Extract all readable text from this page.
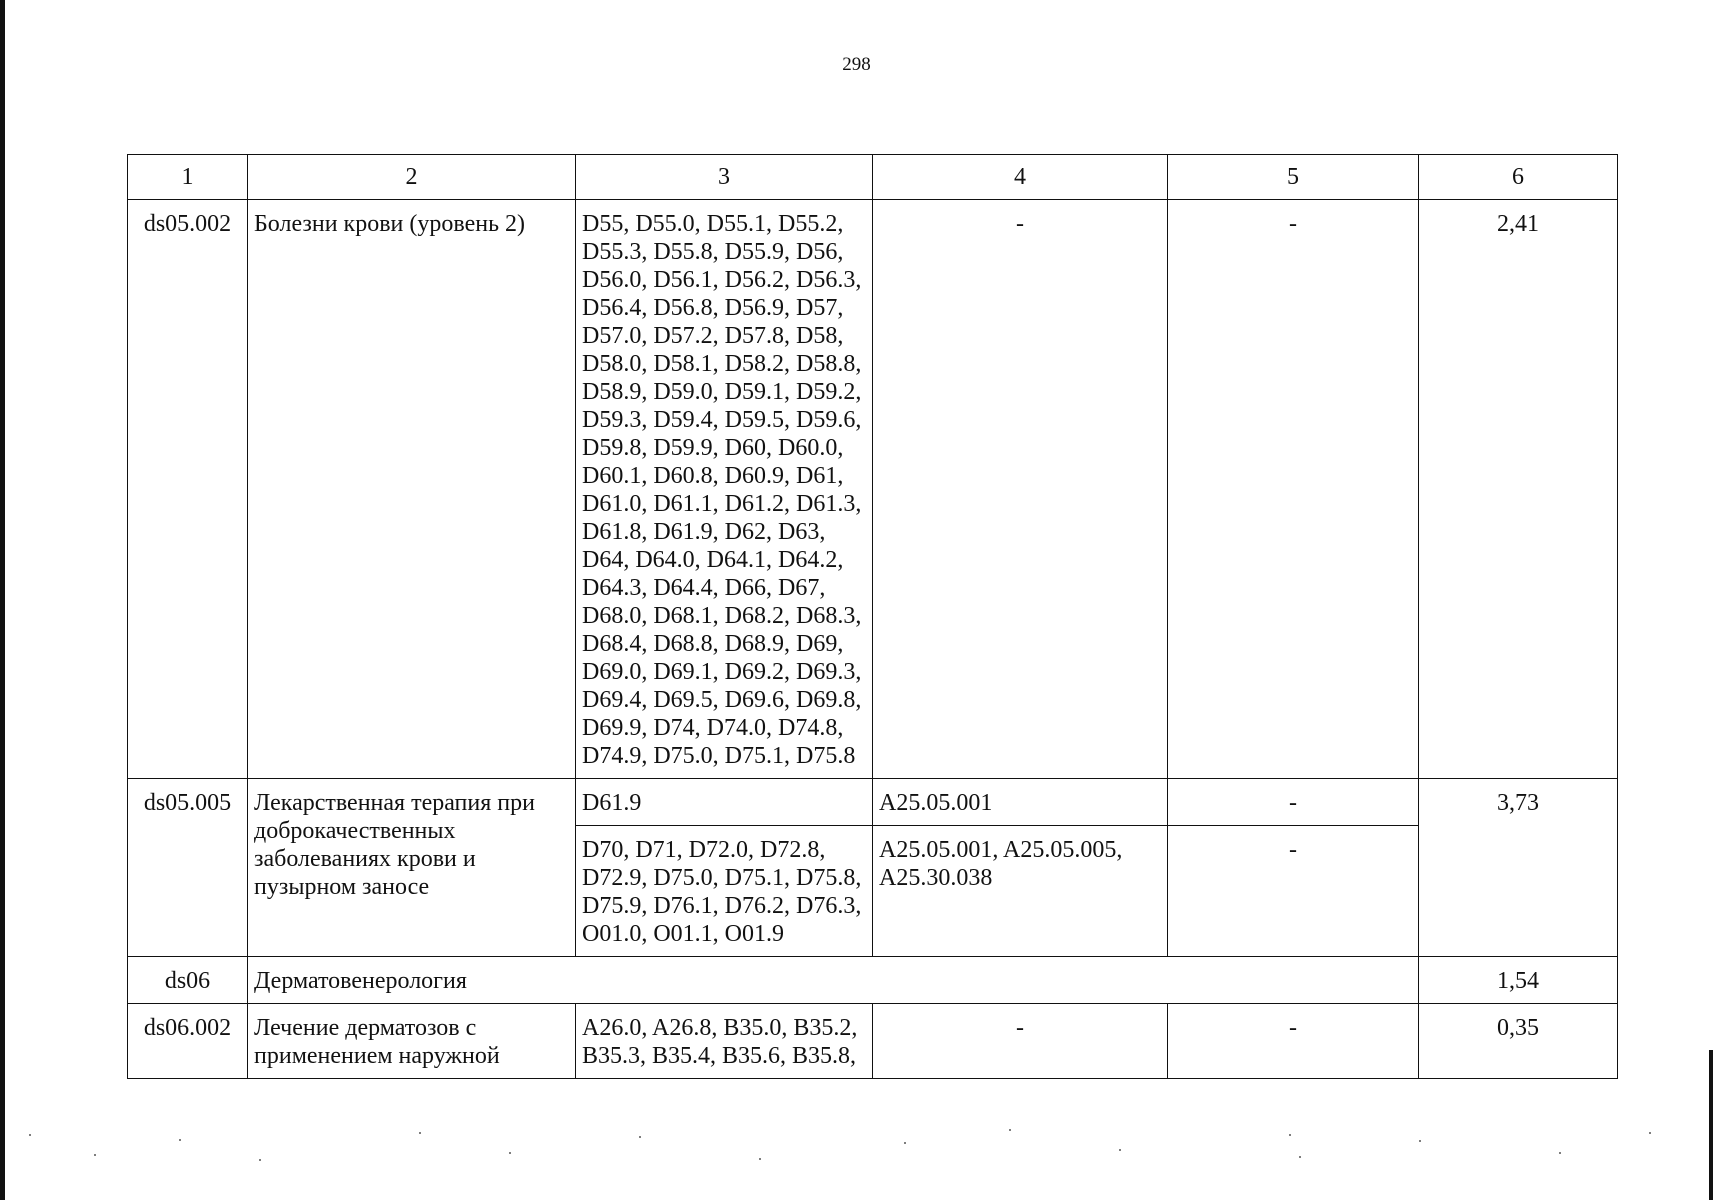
298
1	2	3	4	5	6
ds05.002	Болезни крови (уровень 2)	D55, D55.0, D55.1, D55.2, D55.3, D55.8, D55.9, D56, D56.0, D56.1, D56.2, D56.3, D56.4, D56.8, D56.9, D57, D57.0, D57.2, D57.8, D58, D58.0, D58.1, D58.2, D58.8, D58.9, D59.0, D59.1, D59.2, D59.3, D59.4, D59.5, D59.6, D59.8, D59.9, D60, D60.0, D60.1, D60.8, D60.9, D61, D61.0, D61.1, D61.2, D61.3, D61.8, D61.9, D62, D63, D64, D64.0, D64.1, D64.2, D64.3, D64.4, D66, D67, D68.0, D68.1, D68.2, D68.3, D68.4, D68.8, D68.9, D69, D69.0, D69.1, D69.2, D69.3, D69.4, D69.5, D69.6, D69.8, D69.9, D74, D74.0, D74.8, D74.9, D75.0, D75.1, D75.8	-	-	2,41
ds05.005	Лекарственная терапия при доброкачественных заболеваниях крови и пузырном заносе	D61.9	A25.05.001	-	3,73
		D70, D71, D72.0, D72.8, D72.9, D75.0, D75.1, D75.8, D75.9, D76.1, D76.2, D76.3, O01.0, O01.1, O01.9	A25.05.001, A25.05.005, A25.30.038	-	
ds06	Дерматовенерология				1,54
ds06.002	Лечение дерматозов с применением наружной	A26.0, A26.8, B35.0, B35.2, B35.3, B35.4, B35.6, B35.8,	-	-	0,35
